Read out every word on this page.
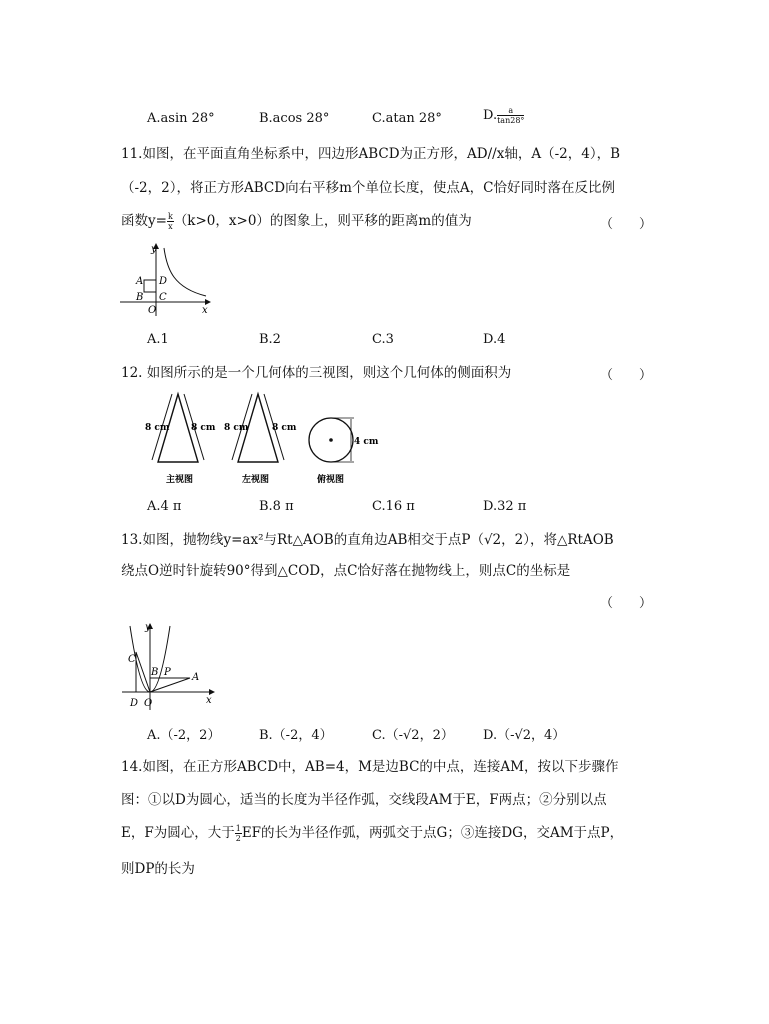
A.asin 28°	B.acos 28°	C.atan 28°	D. $\frac{a}{\tan 28^\circ}$
11.如图，在平面直角坐标系中，四边形ABCD为正方形，AD//x轴，A（-2，4），B
（-2，2），将正方形ABCD向右平移m个单位长度，使点A，C恰好同时落在反比例
函数$y= \frac{k}{x} (k>0$，x>0）的图象上，则平移的距离m的值为	（　　）
y
x
O
A
B C
D
A.1	B.2	C.3	D.4
12. 如图所示的是一个几何体的三视图，则这个几何体的侧面积为	（　　）
8 cm 8 cm
主视图
8 cm	8 cm
左视图
4 cm
俯视图
A.4 π	B.8 π	C.16 π	D.32 π
13.如图，抛物线y=ax²与Rt△AOB的直角边AB相交于点P（√2，2），将△RtAOB
绕点O逆时针旋转90°得到△COD，点C恰好落在抛物线上，则点C的坐标是
（　　）
y
x
O
A
B P
C
D
A.（-2，2）	B.（-2，4）	C.（-√2，2） D.（-√2，4）
14.如图，在正方形ABCD中，AB=4，M是边BC的中点，连接AM，按以下步骤作
图：①以D为圆心，适当的长度为半径作弧，交线段AM于E，F两点；②分别以点
E，F为圆心，大于 $\frac{1}{2}$ EF的长为半径作弧，两弧交于点G；③连接DG，交AM于点P，
则DP的长为
